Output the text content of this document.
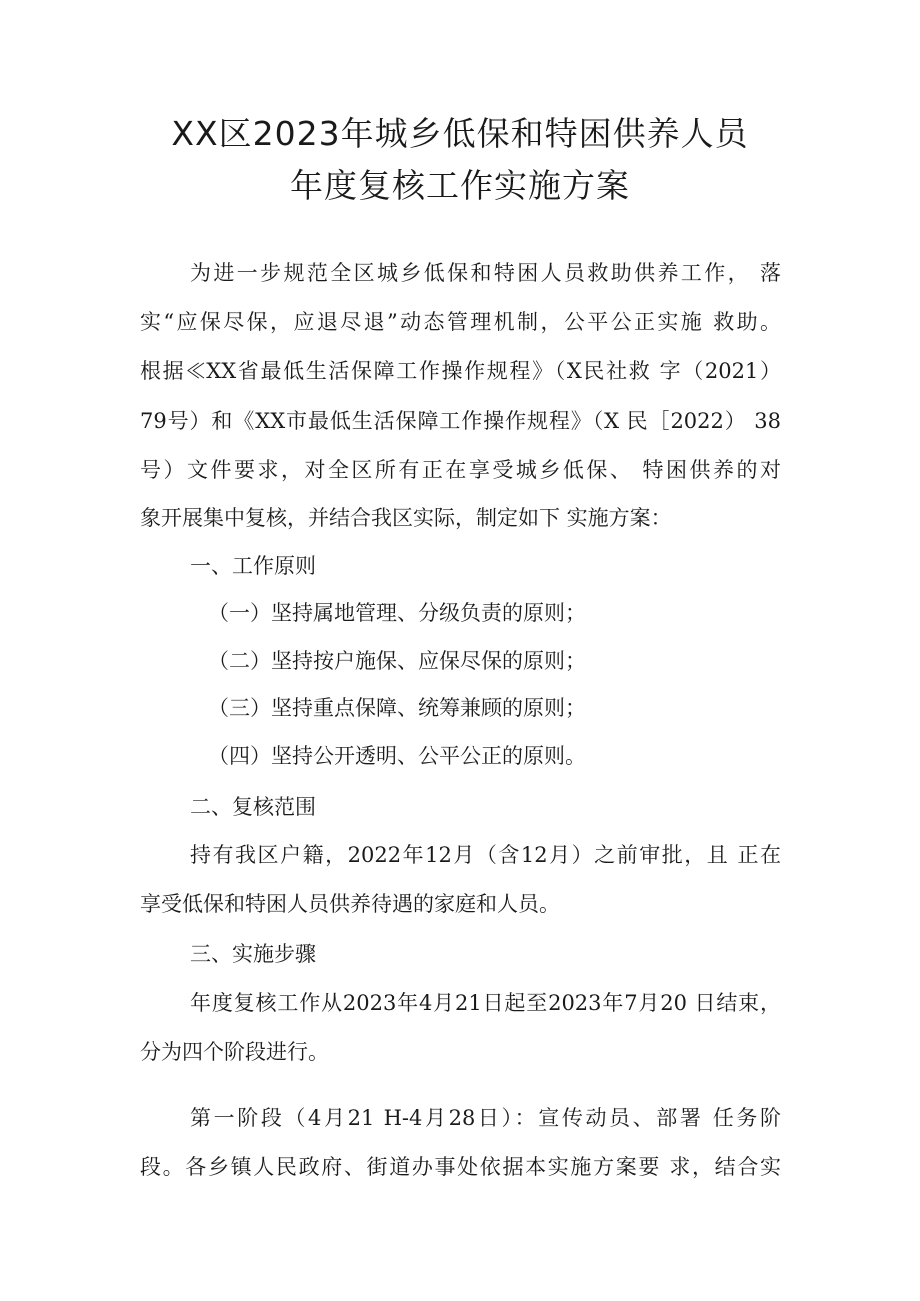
XX区2023年城乡低保和特困供养人员
年度复核工作实施方案
为进一步规范全区城乡低保和特困人员救助供养工作， 落
实“应保尽保，应退尽退”动态管理机制，公平公正实施 救助。
根据≪XX省最低生活保障工作操作规程》（X民社救 字（2021）
79号）和《XX市最低生活保障工作操作规程》（X 民［2022） 38
号）文件要求，对全区所有正在享受城乡低保、 特困供养的对
象开展集中复核，并结合我区实际，制定如下 实施方案：
一、工作原则
（一）坚持属地管理、分级负责的原则；
（二）坚持按户施保、应保尽保的原则；
（三）坚持重点保障、统筹兼顾的原则；
（四）坚持公开透明、公平公正的原则。
二、复核范围
持有我区户籍，2022年12月（含12月）之前审批，且 正在
享受低保和特困人员供养待遇的家庭和人员。
三、实施步骤
年度复核工作从2023年4月21日起至2023年7月20 日结束，
分为四个阶段进行。
第一阶段（4月21 H-4月28日）：宣传动员、部署 任务阶
段。各乡镇人民政府、街道办事处依据本实施方案要 求，结合实
